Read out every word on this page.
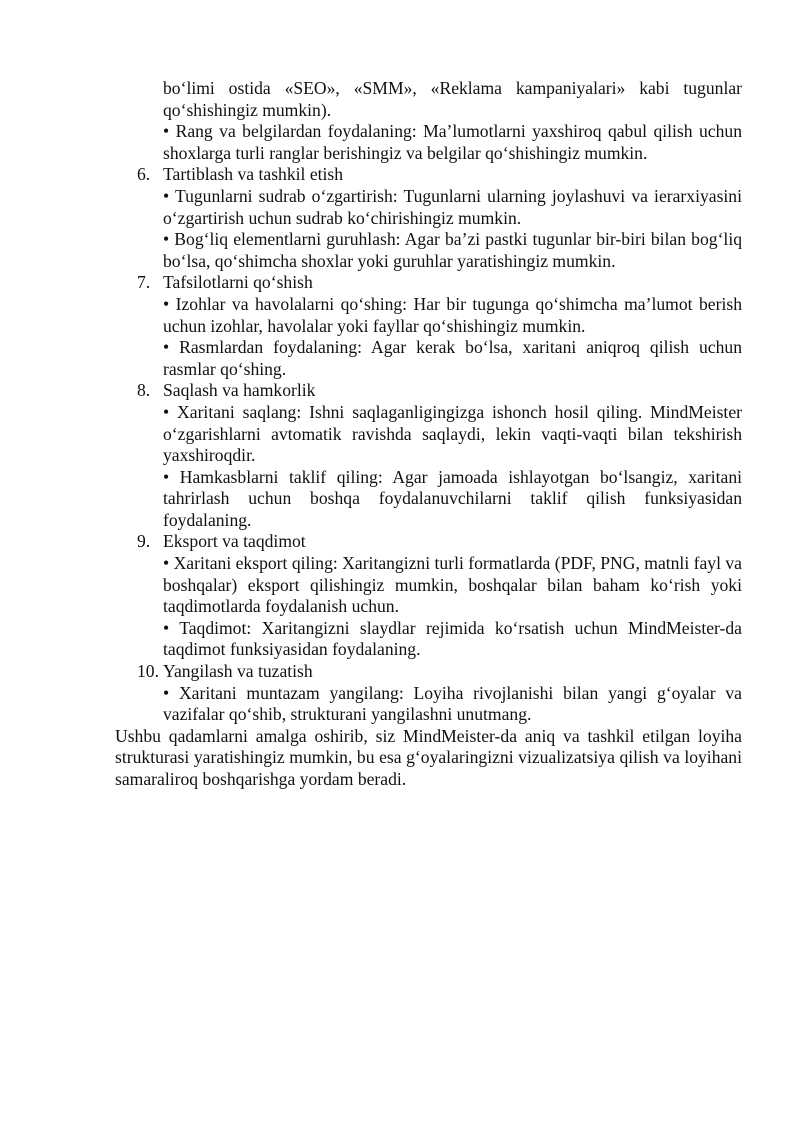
bo‘limi ostida «SEO», «SMM», «Reklama kampaniyalari» kabi tugunlar qo‘shishingiz mumkin).

• Rang va belgilardan foydalaning: Ma’lumotlarni yaxshiroq qabul qilish uchun shoxlarga turli ranglar berishingiz va belgilar qo‘shishingiz mumkin.

6. Tartiblash va tashkil etish

• Tugunlarni sudrab o‘zgartirish: Tugunlarni ularning joylashuvi va ierarxiyasini o‘zgartirish uchun sudrab ko‘chirishingiz mumkin.

• Bog‘liq elementlarni guruhlash: Agar ba’zi pastki tugunlar bir-biri bilan bog‘liq bo‘lsa, qo‘shimcha shoxlar yoki guruhlar yaratishingiz mumkin.

7. Tafsilotlarni qo‘shish

• Izohlar va havolalarni qo‘shing: Har bir tugunga qo‘shimcha ma’lumot berish uchun izohlar, havolalar yoki fayllar qo‘shishingiz mumkin.

• Rasmlardan foydalaning: Agar kerak bo‘lsa, xaritani aniqroq qilish uchun rasmlar qo‘shing.

8. Saqlash va hamkorlik

• Xaritani saqlang: Ishni saqlaganligingizga ishonch hosil qiling. MindMeister o‘zgarishlarni avtomatik ravishda saqlaydi, lekin vaqti-vaqti bilan tekshirish yaxshiroqdir.

• Hamkasblarni taklif qiling: Agar jamoada ishlayotgan bo‘lsangiz, xaritani tahrirlash uchun boshqa foydalanuvchilarni taklif qilish funksiyasidan foydalaning.

9. Eksport va taqdimot

• Xaritani eksport qiling: Xaritangizni turli formatlarda (PDF, PNG, matnli fayl va boshqalar) eksport qilishingiz mumkin, boshqalar bilan baham ko‘rish yoki taqdimotlarda foydalanish uchun.

• Taqdimot: Xaritangizni slaydlar rejimida ko‘rsatish uchun MindMeister-da taqdimot funksiyasidan foydalaning.

10. Yangilash va tuzatish

• Xaritani muntazam yangilang: Loyiha rivojlanishi bilan yangi g‘oyalar va vazifalar qo‘shib, strukturani yangilashni unutmang.

Ushbu qadamlarni amalga oshirib, siz MindMeister-da aniq va tashkil etilgan loyiha strukturasi yaratishingiz mumkin, bu esa g‘oyalaringizni vizualizatsiya qilish va loyihani samaraliroq boshqarishga yordam beradi.
